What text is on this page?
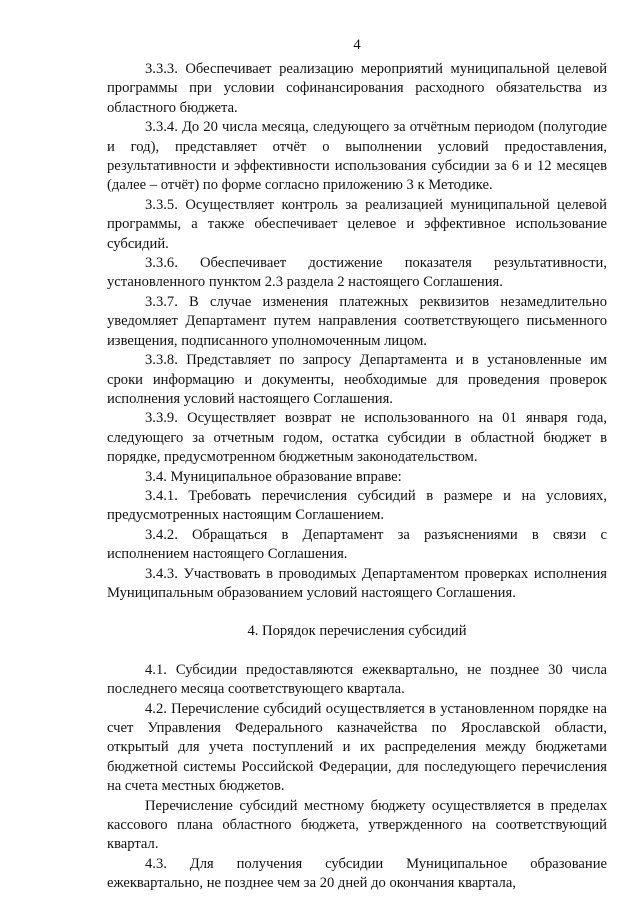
4

3.3.3. Обеспечивает реализацию мероприятий муниципальной целевой программы при условии софинансирования расходного обязательства из областного бюджета.

3.3.4. До 20 числа месяца, следующего за отчётным периодом (полугодие и год), представляет отчёт о выполнении условий предоставления, результативности и эффективности использования субсидии за 6 и 12 месяцев (далее – отчёт) по форме согласно приложению 3 к Методике.

3.3.5. Осуществляет контроль за реализацией муниципальной целевой программы, а также обеспечивает целевое и эффективное использование субсидий.

3.3.6. Обеспечивает достижение показателя результативности, установленного пунктом 2.3 раздела 2 настоящего Соглашения.

3.3.7. В случае изменения платежных реквизитов незамедлительно уведомляет Департамент путем направления соответствующего письменного извещения, подписанного уполномоченным лицом.

3.3.8. Представляет по запросу Департамента и в установленные им сроки информацию и документы, необходимые для проведения проверок исполнения условий настоящего Соглашения.

3.3.9. Осуществляет возврат не использованного на 01 января года, следующего за отчетным годом, остатка субсидии в областной бюджет в порядке, предусмотренном бюджетным законодательством.

3.4. Муниципальное образование вправе:

3.4.1. Требовать перечисления субсидий в размере и на условиях, предусмотренных настоящим Соглашением.

3.4.2. Обращаться в Департамент за разъяснениями в связи с исполнением настоящего Соглашения.

3.4.3. Участвовать в проводимых Департаментом проверках исполнения Муниципальным образованием условий настоящего Соглашения.

4. Порядок перечисления субсидий

4.1. Субсидии предоставляются ежеквартально, не позднее 30 числа последнего месяца соответствующего квартала.

4.2. Перечисление субсидий осуществляется в установленном порядке на счет Управления Федерального казначейства по Ярославской области, открытый для учета поступлений и их распределения между бюджетами бюджетной системы Российской Федерации, для последующего перечисления на счета местных бюджетов.

Перечисление субсидий местному бюджету осуществляется в пределах кассового плана областного бюджета, утвержденного на соответствующий квартал.

4.3. Для получения субсидии Муниципальное образование ежеквартально, не позднее чем за 20 дней до окончания квартала,
